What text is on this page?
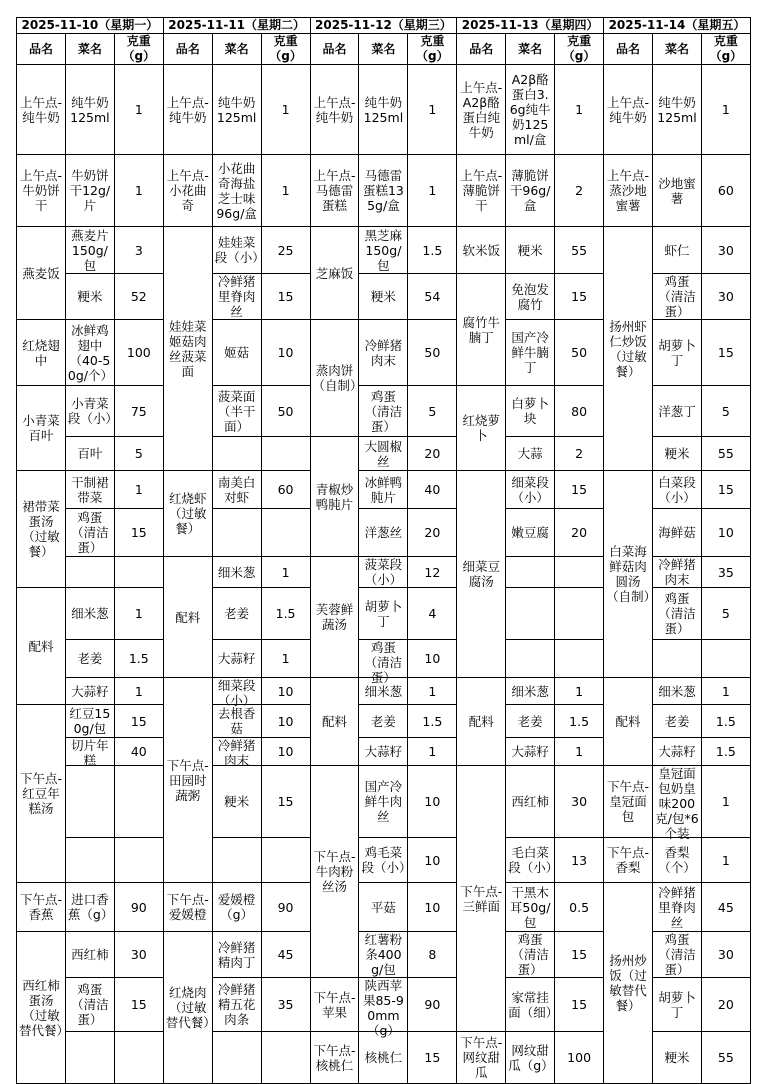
2025-11-10（星期一）			2025-11-11（星期二）			2025-11-12（星期三）			2025-11-13（星期四）			2025-11-14（星期五）		
品名	菜名	克重（g）	品名	菜名	克重（g）	品名	菜名	克重（g）	品名	菜名	克重（g）	品名	菜名	克重（g）

上午点-纯牛奶	纯牛奶125ml	1	上午点-纯牛奶	纯牛奶125ml	1	上午点-纯牛奶	纯牛奶125ml	1	上午点-A2β酪蛋白纯牛奶	A2β酪蛋白3.6g纯牛奶125ml/盒	1	上午点-纯牛奶	纯牛奶125ml	1

上午点-牛奶饼干	牛奶饼干12g/片	1	上午点-小花曲奇	小花曲奇海盐芝士味96g/盒	1	上午点-马德雷蛋糕	马德雷蛋糕135g/盒	1	上午点-薄脆饼干	薄脆饼干96g/盒	2	上午点-蒸沙地蜜薯	沙地蜜薯	60

燕麦饭	燕麦片150g/包	3	娃娃菜姬菇肉丝菠菜面	娃娃菜段（小）	25	芝麻饭	黑芝麻150g/包	1.5	软米饭	粳米	55	扬州虾仁炒饭（过敏餐）	虾仁	30

	粳米	52		冷鲜猪里脊肉丝	15		粳米	54	腐竹牛腩丁	免泡发腐竹	15		鸡蛋（清洁蛋）	30

红烧翅中	冰鲜鸡翅中（40-50g/个）	100		姬菇	10	蒸肉饼（自制）	冷鲜猪肉末	50		国产冷鲜牛腩丁	50		胡萝卜丁	15

小青菜百叶	小青菜段（小）	75		菠菜面（半干面）	50		鸡蛋（清洁蛋）	5	红烧萝卜	白萝卜块	80		洋葱丁	5

	百叶	5				青椒炒鸭肫片	大圆椒丝	20		大蒜	2		粳米	55

裙带菜蛋汤（过敏餐）	干制裙带菜	1	红烧虾（过敏餐）	南美白对虾	60		冰鲜鸭肫片	40	细菜豆腐汤	细菜段（小）	15	白菜海鲜菇肉圆汤（自制）	白菜段（小）	15

	鸡蛋（清洁蛋）	15					洋葱丝	20		嫩豆腐	20		海鲜菇	10

			配料	细米葱	1	芙蓉鲜蔬汤	菠菜段（小）	12					冷鲜猪肉末	35

配料	细米葱	1		老姜	1.5		胡萝卜丁	4					鸡蛋（清洁蛋）	5

	老姜	1.5		大蒜籽	1		鸡蛋（清洁蛋）	10						

	大蒜籽	1	下午点-田园时蔬粥	细菜段（小）	10	配料	细米葱	1	配料	细米葱	1	配料	细米葱	1

下午点-红豆年糕汤	红豆150g/包	15		去根香菇	10		老姜	1.5		老姜	1.5		老姜	1.5

	切片年糕	40		冷鲜猪肉末	10		大蒜籽	1		大蒜籽	1		大蒜籽	1.5

				粳米	15	下午点-牛肉粉丝汤	国产冷鲜牛肉丝	10	下午点-三鲜面	西红柿	30	下午点-皇冠面包	皇冠面包奶皇味200克/包*6个装	1

							鸡毛菜段（小）	10		毛白菜段（小）	13	下午点-香梨	香梨（个）	1

下午点-香蕉	进口香蕉（g）	90	下午点-爱媛橙	爱媛橙（g）	90		平菇	10		干黑木耳50g/包	0.5	扬州炒饭（过敏替代餐）	冷鲜猪里脊肉丝	45

西红柿蛋汤（过敏替代餐）	西红柿	30	红烧肉（过敏替代餐）	冷鲜猪精肉丁	45		红薯粉条400g/包	8		鸡蛋（清洁蛋）	15		鸡蛋（清洁蛋）	30

	鸡蛋（清洁蛋）	15		冷鲜猪精五花肉条	35	下午点-苹果	陕西苹果85-90mm（g）	90		家常挂面（细）	15		胡萝卜丁	20

						下午点-核桃仁	核桃仁	15	下午点-网纹甜瓜	网纹甜瓜（g）	100		粳米	55
